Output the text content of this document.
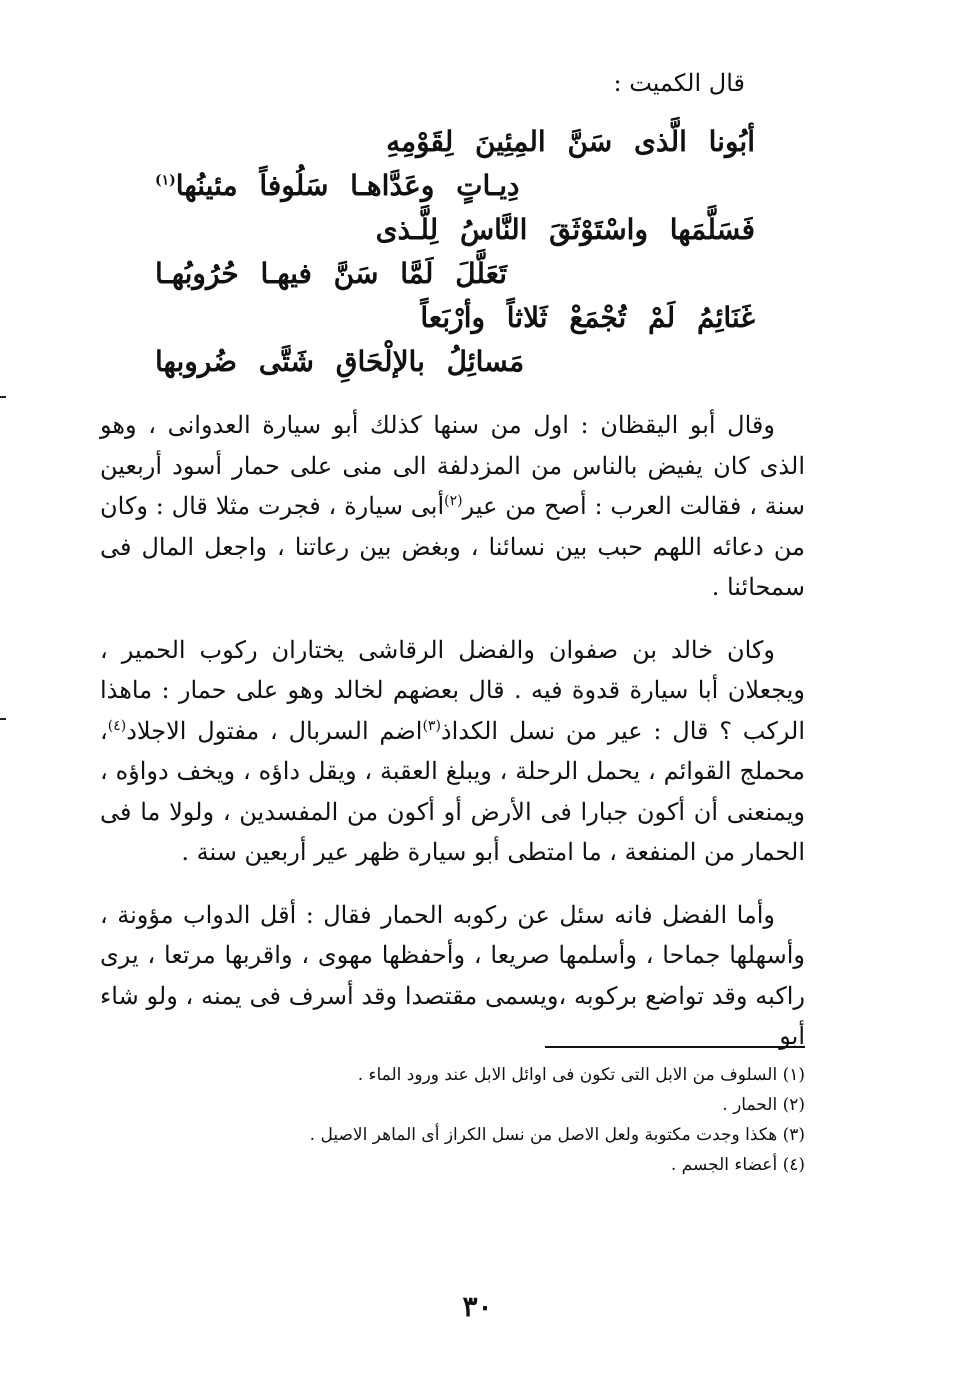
قال الكميت :
أبُونا الَّذى سَنَّ المِئِينَ لِقَوْمِهِ
دِيـاتٍ وعَدَّاهـا سَلُوفاً مئينُها$^{(١)}$
فَسَلَّمَها واسْتَوْثَقَ النَّاسُ لِلَّـذى
تَعَلَّلَ لَمَّا سَنَّ فيهـا حُرُوبُهـا
غَنَائِمُ لَمْ تُجْمَعْ ثَلاثاً وأرْبَعاً
مَسائِلُ بالإلْحَاقِ شَتَّى ضُروبها

وقال أبو اليقظان : اول من سنها كذلك أبو سيارة العدوانى ، وهو الذى كان يفيض بالناس من المزدلفة الى منى على حمار أسود أربعين سنة ، فقالت العرب : أصح من عير$^{(٢)}$أبى سيارة ، فجرت مثلا قال : وكان من دعائه اللهم حبب بين نسائنا ، وبغض بين رعاتنا ، واجعل المال فى سمحائنا .

وكان خالد بن صفوان والفضل الرقاشى يختاران ركوب الحمير ، ويجعلان أبا سيارة قدوة فيه . قال بعضهم لخالد وهو على حمار : ماهذا الركب ؟ قال : عير من نسل الكداذ$^{(٣)}$اضم السربال ، مفتول الاجلاد$^{(٤)}$، محملج القوائم ، يحمل الرحلة ، ويبلغ العقبة ، ويقل داؤه ، ويخف دواؤه ، ويمنعنى أن أكون جبارا فى الأرض أو أكون من المفسدين ، ولولا ما فى الحمار من المنفعة ، ما امتطى أبو سيارة ظهر عير أربعين سنة .

وأما الفضل فانه سئل عن ركوبه الحمار فقال : أقل الدواب مؤونة ، وأسهلها جماحا ، وأسلمها صريعا ، وأحفظها مهوى ، واقربها مرتعا ، يرى راكبه وقد تواضع بركوبه ،ويسمى مقتصدا وقد أسرف فى يمنه ، ولو شاء أبو

(١) السلوف من الابل التى تكون فى اوائل الابل عند ورود الماء .
(٢) الحمار .
(٣) هكذا وجدت مكتوبة ولعل الاصل من نسل الكراز أى الماهر الاصيل .
(٤) أعضاء الجسم .
٣٠
